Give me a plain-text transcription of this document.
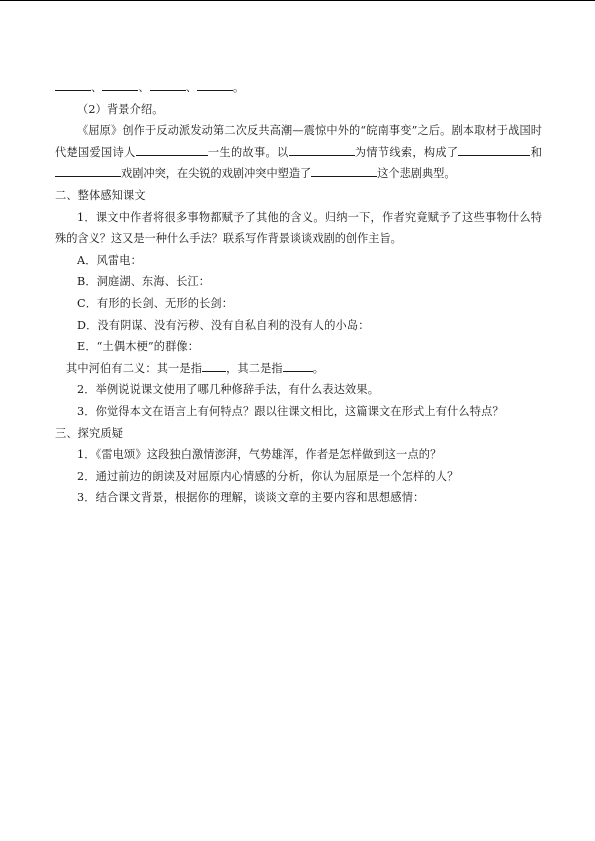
、	、	、	。
（2）背景介绍。
《屈原》创作于反动派发动第二次反共高潮—震惊中外的“皖南事变”之后。剧本取材于战国时代楚国爱国诗人	一生的故事。以	为情节线索，构成了	和戏剧冲突，在尖锐的戏剧冲突中塑造了	这个悲剧典型。
二、整体感知课文
1．课文中作者将很多事物都赋予了其他的含义。归纳一下，作者究竟赋予了这些事物什么特殊的含义？这又是一种什么手法？联系写作背景谈谈戏剧的创作主旨。
A．风雷电：
B．洞庭湖、东海、长江：
C．有形的长剑、无形的长剑：
D．没有阴谋、没有污秽、没有自私自利的没有人的小岛：
E．“土偶木梗”的群像：
其中河伯有二义：其一是指 ，其二是指	。
2．举例说说课文使用了哪几种修辞手法，有什么表达效果。
3．你觉得本文在语言上有何特点？跟以往课文相比，这篇课文在形式上有什么特点？
三、探究质疑
1．《雷电颂》这段独白激情澎湃，气势雄浑，作者是怎样做到这一点的？
2．通过前边的朗读及对屈原内心情感的分析，你认为屈原是一个怎样的人？
3．结合课文背景，根据你的理解，谈谈文章的主要内容和思想感情：
